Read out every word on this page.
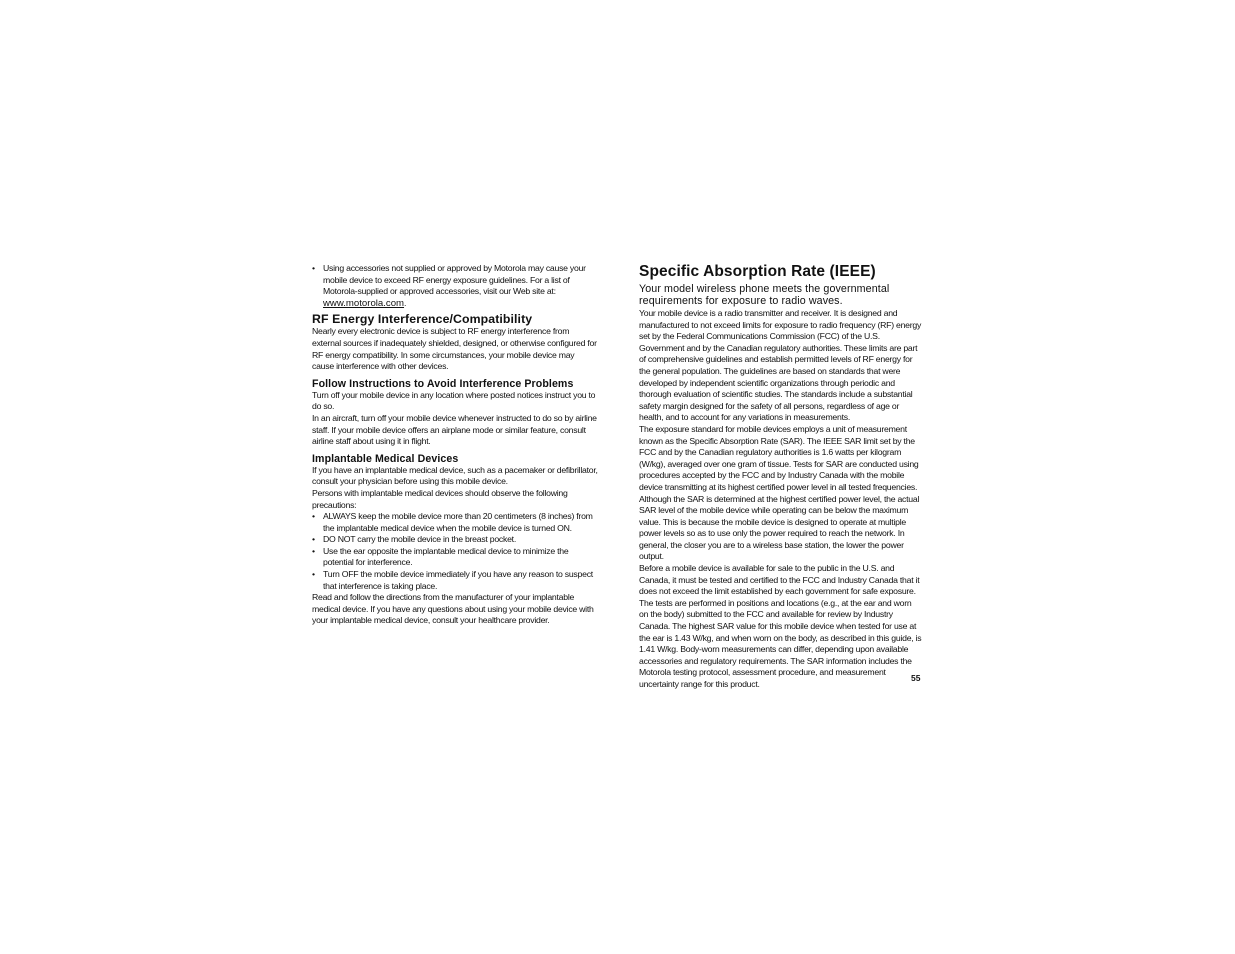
• Using accessories not supplied or approved by Motorola may cause your mobile device to exceed RF energy exposure guidelines. For a list of Motorola-supplied or approved accessories, visit our Web site at: www.motorola.com.
RF Energy Interference/Compatibility

Nearly every electronic device is subject to RF energy interference from external sources if inadequately shielded, designed, or otherwise configured for RF energy compatibility. In some circumstances, your mobile device may cause interference with other devices.

Follow Instructions to Avoid Interference Problems

Turn off your mobile device in any location where posted notices instruct you to do so.

In an aircraft, turn off your mobile device whenever instructed to do so by airline staff. If your mobile device offers an airplane mode or similar feature, consult airline staff about using it in flight.

Implantable Medical Devices

If you have an implantable medical device, such as a pacemaker or defibrillator, consult your physician before using this mobile device.

Persons with implantable medical devices should observe the following precautions:

• ALWAYS keep the mobile device more than 20 centimeters (8 inches) from the implantable medical device when the mobile device is turned ON.
• DO NOT carry the mobile device in the breast pocket.
• Use the ear opposite the implantable medical device to minimize the potential for interference.
• Turn OFF the mobile device immediately if you have any reason to suspect that interference is taking place.

Read and follow the directions from the manufacturer of your implantable medical device. If you have any questions about using your mobile device with your implantable medical device, consult your healthcare provider.

Specific Absorption Rate (IEEE)

Your model wireless phone meets the governmental requirements for exposure to radio waves.

Your mobile device is a radio transmitter and receiver. It is designed and manufactured to not exceed limits for exposure to radio frequency (RF) energy set by the Federal Communications Commission (FCC) of the U.S. Government and by the Canadian regulatory authorities. These limits are part of comprehensive guidelines and establish permitted levels of RF energy for the general population. The guidelines are based on standards that were developed by independent scientific organizations through periodic and thorough evaluation of scientific studies. The standards include a substantial safety margin designed for the safety of all persons, regardless of age or health, and to account for any variations in measurements.

The exposure standard for mobile devices employs a unit of measurement known as the Specific Absorption Rate (SAR). The IEEE SAR limit set by the FCC and by the Canadian regulatory authorities is 1.6 watts per kilogram (W/kg), averaged over one gram of tissue. Tests for SAR are conducted using procedures accepted by the FCC and by Industry Canada with the mobile device transmitting at its highest certified power level in all tested frequencies. Although the SAR is determined at the highest certified power level, the actual SAR level of the mobile device while operating can be below the maximum value. This is because the mobile device is designed to operate at multiple power levels so as to use only the power required to reach the network. In general, the closer you are to a wireless base station, the lower the power output.

Before a mobile device is available for sale to the public in the U.S. and Canada, it must be tested and certified to the FCC and Industry Canada that it does not exceed the limit established by each government for safe exposure. The tests are performed in positions and locations (e.g., at the ear and worn on the body) submitted to the FCC and available for review by Industry Canada. The highest SAR value for this mobile device when tested for use at the ear is 1.43 W/kg, and when worn on the body, as described in this guide, is 1.41 W/kg. Body-worn measurements can differ, depending upon available accessories and regulatory requirements. The SAR information includes the Motorola testing protocol, assessment procedure, and measurement uncertainty range for this product.

55
